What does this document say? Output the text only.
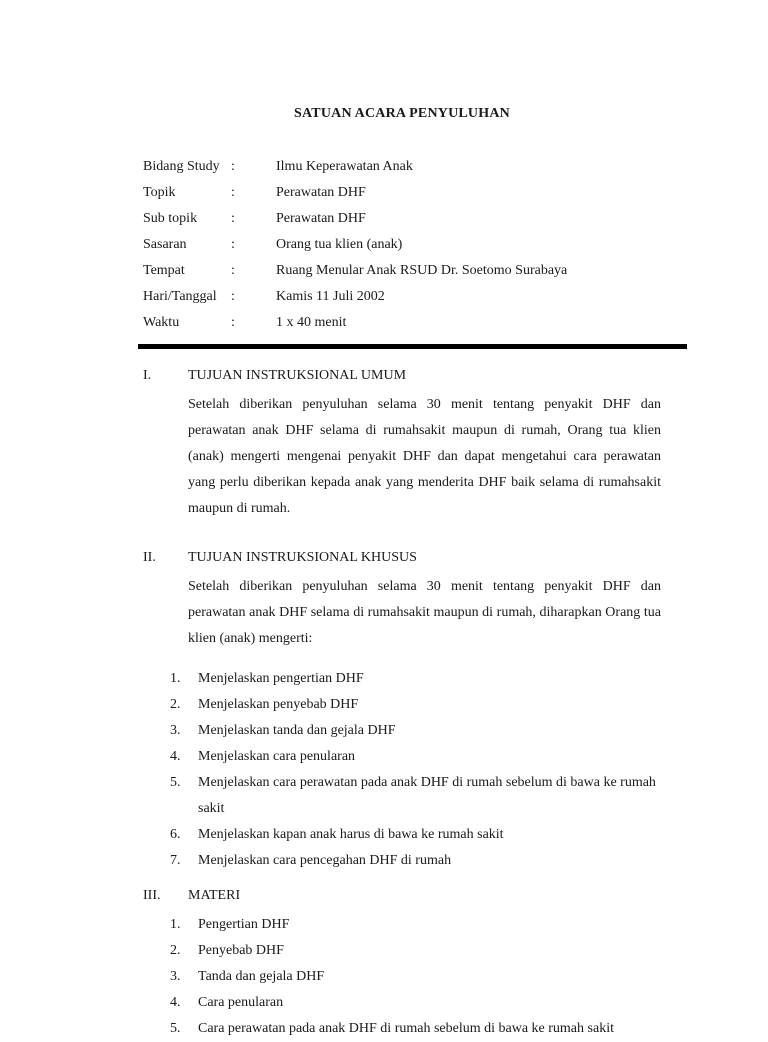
SATUAN ACARA PENYULUHAN
Bidang Study :	Ilmu Keperawatan Anak
Topik	:	Perawatan DHF
Sub topik :	Perawatan DHF
Sasaran	:	Orang tua klien (anak)
Tempat	:	Ruang Menular Anak RSUD Dr. Soetomo Surabaya
Hari/Tanggal :	Kamis 11 Juli 2002
Waktu	:	1 x 40 menit
I.	TUJUAN INSTRUKSIONAL UMUM

Setelah diberikan penyuluhan selama 30 menit tentang penyakit DHF dan perawatan anak DHF selama di rumahsakit maupun di rumah, Orang tua klien (anak) mengerti mengenai penyakit DHF dan dapat mengetahui cara perawatan yang perlu diberikan kepada anak yang menderita DHF baik selama di rumahsakit maupun di rumah.

II. TUJUAN INSTRUKSIONAL KHUSUS

Setelah diberikan penyuluhan selama 30 menit tentang penyakit DHF dan perawatan anak DHF selama di rumahsakit maupun di rumah, diharapkan Orang tua klien (anak) mengerti:

1. Menjelaskan pengertian DHF
2. Menjelaskan penyebab DHF
3. Menjelaskan tanda dan gejala DHF
4. Menjelaskan cara penularan
5. Menjelaskan cara perawatan pada anak DHF di rumah sebelum di bawa ke rumah sakit
6. Menjelaskan kapan anak harus di bawa ke rumah sakit
7. Menjelaskan cara pencegahan DHF di rumah
III. MATERI
1. Pengertian DHF
2. Penyebab DHF
3. Tanda dan gejala DHF
4. Cara penularan
5. Cara perawatan pada anak DHF di rumah sebelum di bawa ke rumah sakit
